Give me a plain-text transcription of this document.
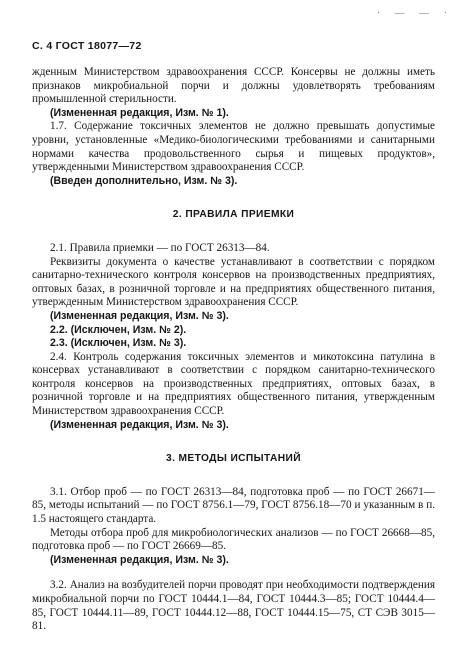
· — — ·
С. 4 ГОСТ 18077—72

жденным Министерством здравоохранения СССР. Консервы не должны иметь признаков микробиальной порчи и должны удовлетворять требованиям промышленной стерильности.

(Измененная редакция, Изм. № 1).

1.7. Содержание токсичных элементов не должно превышать допустимые уровни, установленные «Медико-биологическими требованиями и санитарными нормами качества продовольственного сырья и пищевых продуктов», утвержденными Министерством здравоохранения СССР.

(Введен дополнительно, Изм. № 3).

2. ПРАВИЛА ПРИЕМКИ

2.1. Правила приемки — по ГОСТ 26313—84.

Реквизиты документа о качестве устанавливают в соответствии с порядком санитарно-технического контроля консервов на производственных предприятиях, оптовых базах, в розничной торговле и на предприятиях общественного питания, утвержденным Министерством здравоохранения СССР.

(Измененная редакция, Изм. № 3).

2.2. (Исключен, Изм. № 2).

2.3. (Исключен, Изм. № 3).

2.4. Контроль содержания токсичных элементов и микотоксина патулина в консервах устанавливают в соответствии с порядком санитарно-технического контроля консервов на производственных предприятиях, оптовых базах, в розничной торговле и на предприятиях общественного питания, утвержденным Министерством здравоохранения СССР.

(Измененная редакция, Изм. № 3).

3. МЕТОДЫ ИСПЫТАНИЙ

3.1. Отбор проб — по ГОСТ 26313—84, подготовка проб — по ГОСТ 26671—85, методы испытаний — по ГОСТ 8756.1—79, ГОСТ 8756.18—70 и указанным в п. 1.5 настоящего стандарта.

Методы отбора проб для микробиологических анализов — по ГОСТ 26668—85, подготовка проб — по ГОСТ 26669—85.

(Измененная редакция, Изм. № 3).

3.2. Анализ на возбудителей порчи проводят при необходимости подтверждения микробиальной порчи по ГОСТ 10444.1—84, ГОСТ 10444.3—85; ГОСТ 10444.4—85, ГОСТ 10444.11—89, ГОСТ 10444.12—88, ГОСТ 10444.15—75, СТ СЭВ 3015—81.
